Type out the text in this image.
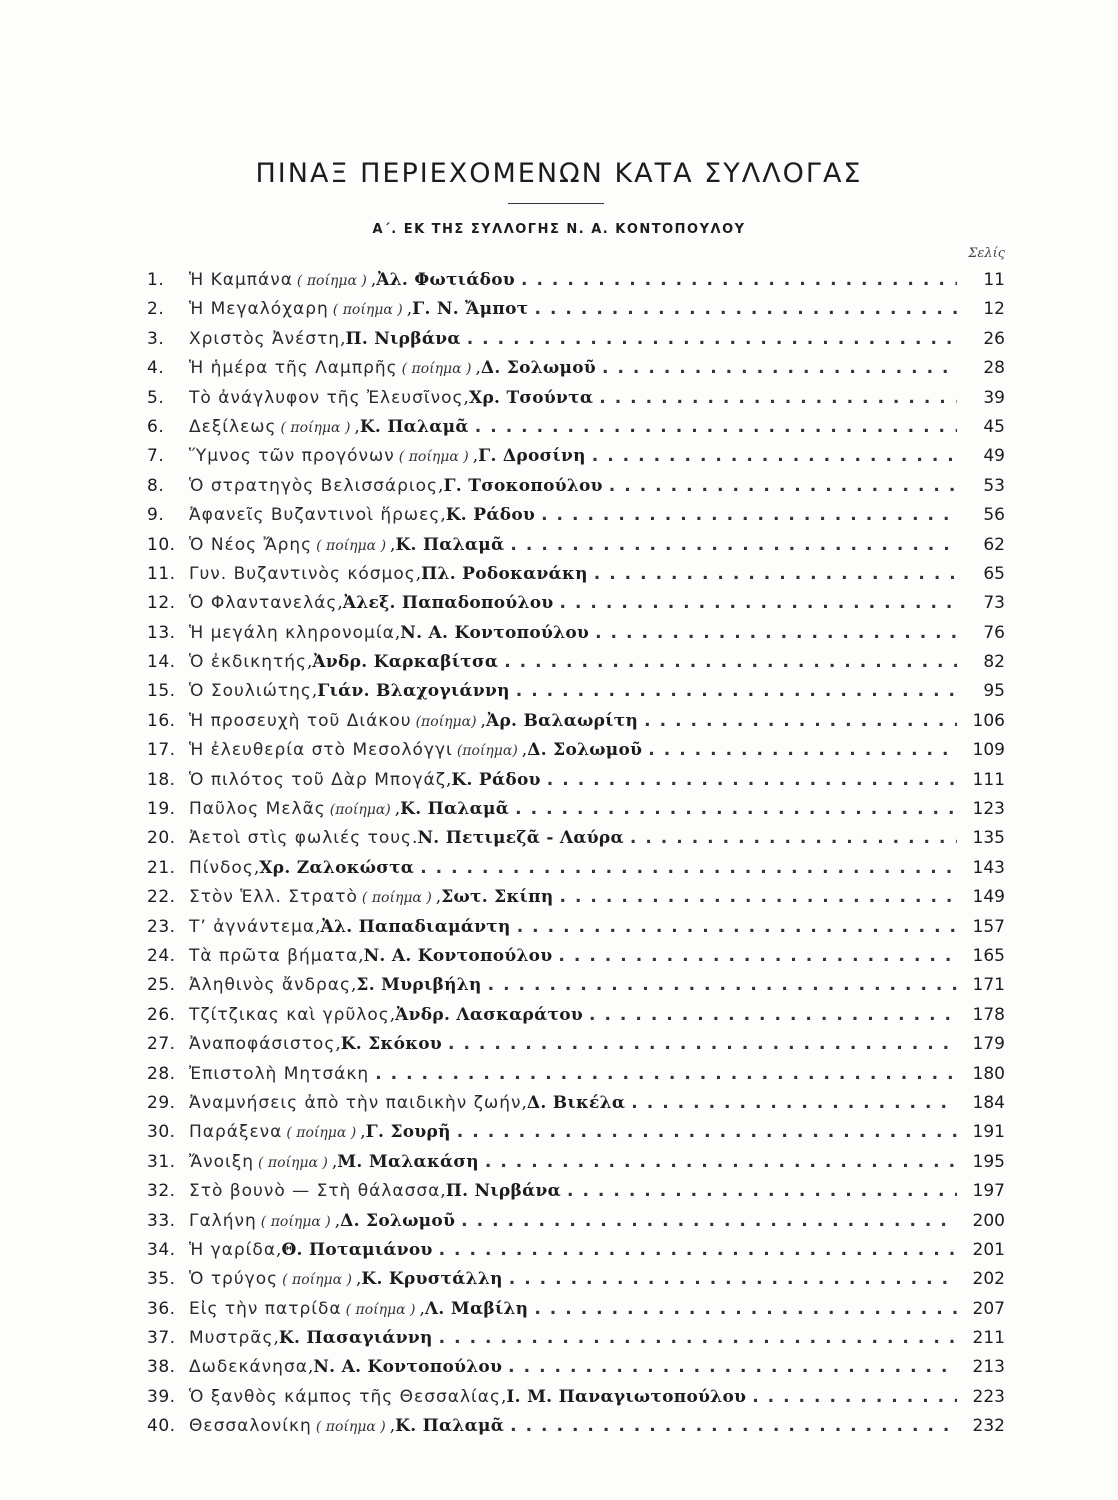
ΠΙΝΑΞ ΠΕΡΙΕΧΟΜΕΝΩΝ ΚΑΤΑ ΣΥΛΛΟΓΑΣ
Α΄. ΕΚ ΤΗΣ ΣΥΛΛΟΓΗΣ Ν. Α. ΚΟΝΤΟΠΟΥΛΟΥ
Σελίς
1.	Ἡ Καμπάνα ( ποίημα ) , Ἀλ. Φωτιάδου .....	11
2.	Ἡ Μεγαλόχαρη ( ποίημα ) , Γ. Ν. Ἄμποτ .....	12
3.	Χριστὸς Ἀνέστη , Π. Νιρβάνα .....	26
4.	Ἡ ἡμέρα τῆς Λαμπρῆς ( ποίημα ) , Δ. Σολωμοῦ .....	28
5.	Τὸ ἀνάγλυφον τῆς Ἐλευσῖνος , Χρ. Τσούντα .....	39
6.	Δεξίλεως ( ποίημα ) , Κ. Παλαμᾶ .....	45
7.	Ὕμνος τῶν προγόνων ( ποίημα ) , Γ. Δροσίνη .....	49
8.	Ὁ στρατηγὸς Βελισσάριος , Γ. Τσοκοπούλου .....	53
9.	Ἀφανεῖς Βυζαντινοὶ ἥρωες , Κ. Ράδου .....	56
10. Ὁ Νέος Ἄρης ( ποίημα ) , Κ. Παλαμᾶ .....	62
11. Γυν. Βυζαντινὸς κόσμος , Πλ. Ροδοκανάκη .....	65
12. Ὁ Φλαντανελάς , Ἀλεξ. Παπαδοπούλου .....	73
13. Ἡ μεγάλη κληρονομία , Ν. Α. Κοντοπούλου .....	76
14. Ὁ ἐκδικητής , Ἀνδρ. Καρκαβίτσα .....	82
15. Ὁ Σουλιώτης , Γιάν. Βλαχογιάννη .....	95
16. Ἡ προσευχὴ τοῦ Διάκου (ποίημα) , Ἀρ. Βαλαωρίτη .....	106
17. Ἡ ἐλευθερία στὸ Μεσολόγγι (ποίημα) , Δ. Σολωμοῦ .....	109
18. Ὁ πιλότος τοῦ Δὰρ Μπογάζ , Κ. Ράδου .....	111
19. Παῦλος Μελᾶς (ποίημα) , Κ. Παλαμᾶ .....	123
20. Ἀετοὶ στὶς φωλιές τους . Ν. Πετιμεζᾶ - Λαύρα .....	135
21. Πίνδος , Χρ. Ζαλοκώστα .....	143
22. Στὸν Ἑλλ. Στρατὸ ( ποίημα ) , Σωτ. Σκίπη .....	149
23. Τ’ ἀγνάντεμα , Ἀλ. Παπαδιαμάντη .....	157
24. Τὰ πρῶτα βήματα , Ν. Α. Κοντοπούλου .....	165
25. Ἀληθινὸς ἄνδρας , Σ. Μυριβήλη .....	171
26. Τζίτζικας καὶ γρῦλος , Ἀνδρ. Λασκαράτου .....	178
27. Ἀναποφάσιστος , Κ. Σκόκου .....	179
28. Ἐπιστολὴ Μητσάκη .....	180
29. Ἀναμνήσεις ἀπὸ τὴν παιδικὴν ζωήν , Δ. Βικέλα .....	184
30. Παράξενα ( ποίημα ) , Γ. Σουρῆ .....	191
31. Ἄνοιξη ( ποίημα ) , Μ. Μαλακάση .....	195
32. Στὸ βουνὸ — Στὴ θάλασσα , Π. Νιρβάνα .....	197
33. Γαλήνη ( ποίημα ) , Δ. Σολωμοῦ .....	200
34. Ἡ γαρίδα , Θ. Ποταμιάνου .....	201
35. Ὁ τρύγος ( ποίημα ) , Κ. Κρυστάλλη .....	202
36. Εἰς τὴν πατρίδα ( ποίημα ) , Λ. Μαβίλη .....	207
37. Μυστρᾶς , Κ. Πασαγιάννη .....	211
38. Δωδεκάνησα , Ν. Α. Κοντοπούλου .....	213
39. Ὁ ξανθὸς κάμπος τῆς Θεσσαλίας , Ι. Μ. Παναγιωτοπούλου .....	223
40. Θεσσαλονίκη ( ποίημα ) , Κ. Παλαμᾶ .....	232
